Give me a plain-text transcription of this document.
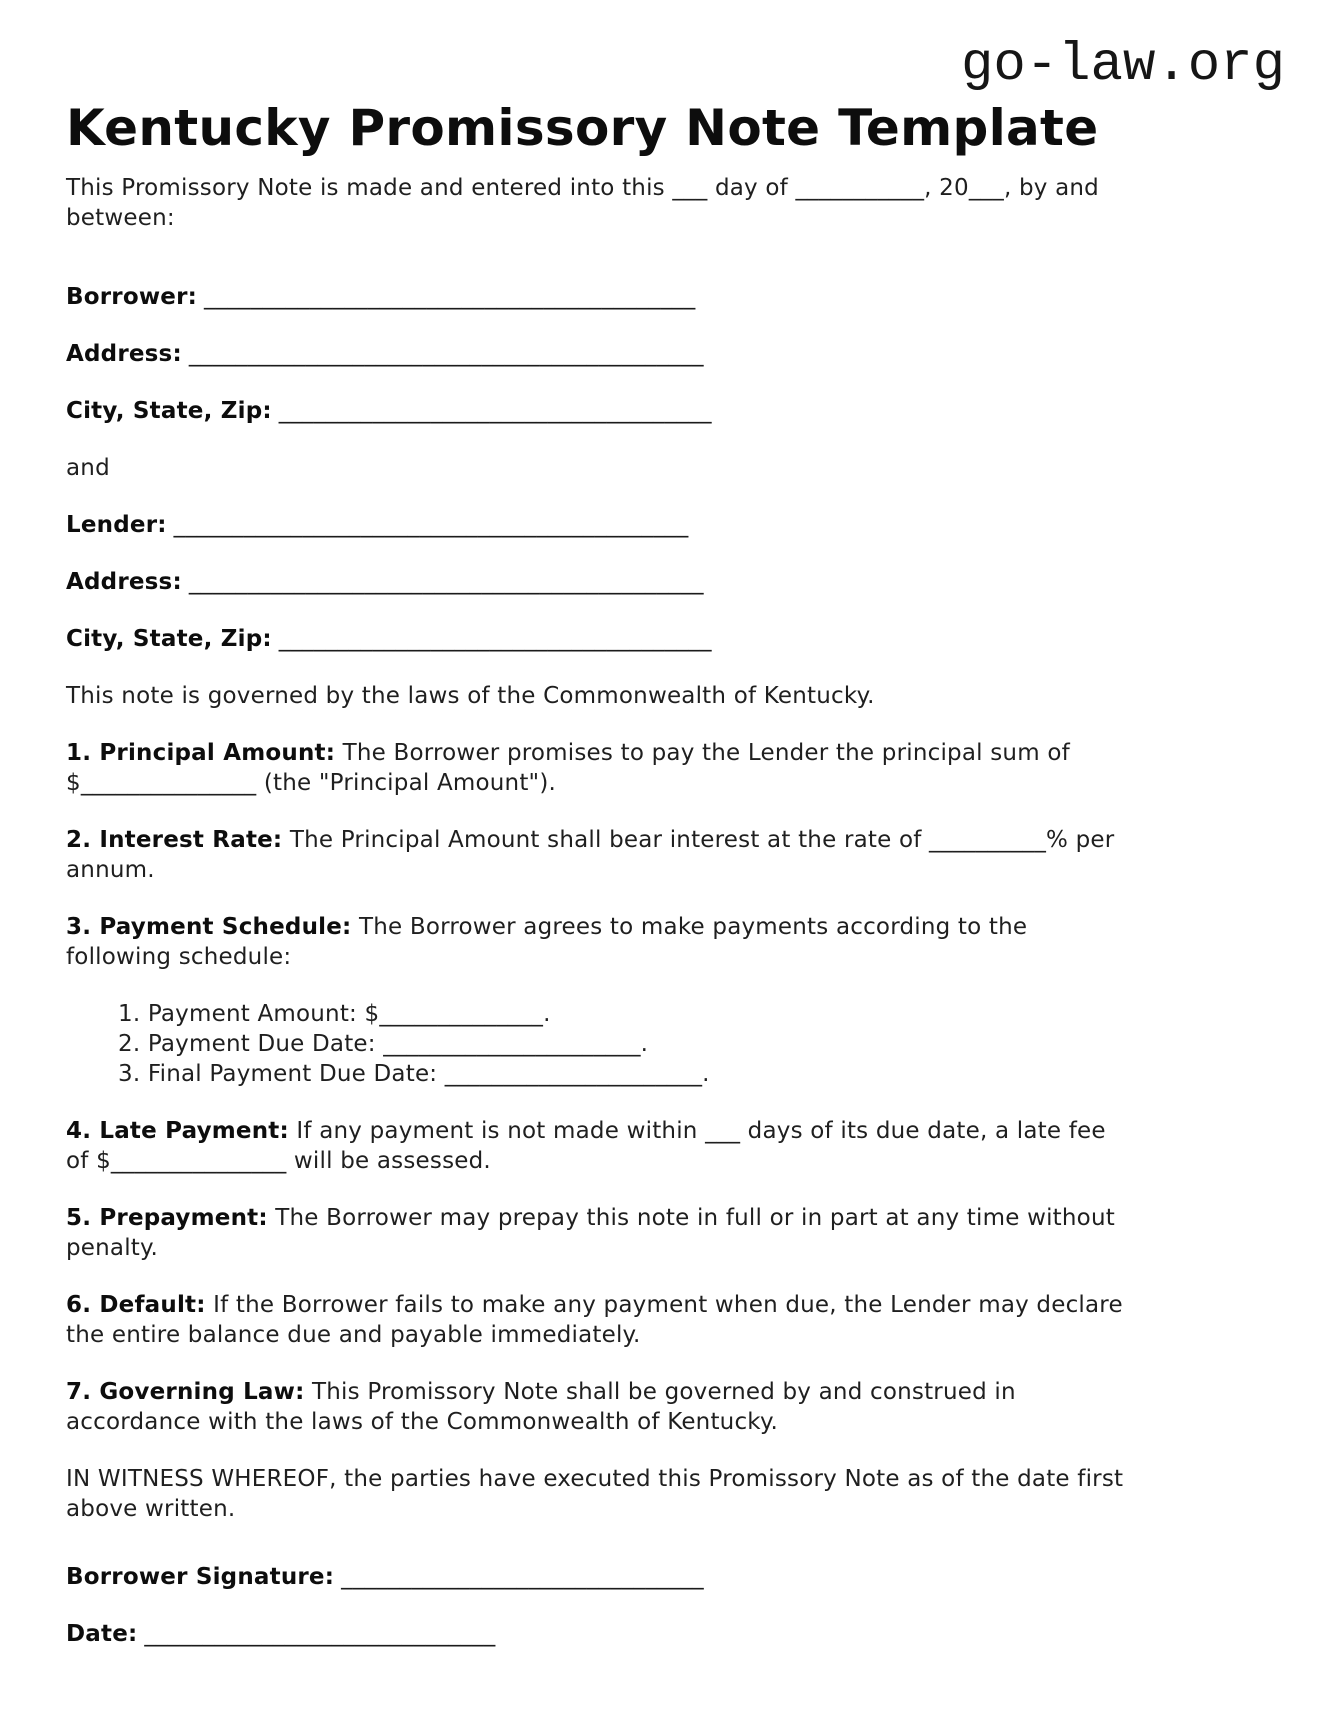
go-law.org
Kentucky Promissory Note Template

This Promissory Note is made and entered into this ___ day of ___________, 20___, by and
between:

Borrower: __________________________________________

Address: ____________________________________________

City, State, Zip: _____________________________________

and

Lender: ____________________________________________

Address: ____________________________________________

City, State, Zip: _____________________________________

This note is governed by the laws of the Commonwealth of Kentucky.

1. Principal Amount: The Borrower promises to pay the Lender the principal sum of
$_______________ (the "Principal Amount").

2. Interest Rate: The Principal Amount shall bear interest at the rate of __________% per
annum.

3. Payment Schedule: The Borrower agrees to make payments according to the
following schedule:

1. Payment Amount: $______________.
2. Payment Due Date: ______________________.
3. Final Payment Due Date: ______________________.

4. Late Payment: If any payment is not made within ___ days of its due date, a late fee
of $_______________ will be assessed.

5. Prepayment: The Borrower may prepay this note in full or in part at any time without
penalty.

6. Default: If the Borrower fails to make any payment when due, the Lender may declare
the entire balance due and payable immediately.

7. Governing Law: This Promissory Note shall be governed by and construed in
accordance with the laws of the Commonwealth of Kentucky.

IN WITNESS WHEREOF, the parties have executed this Promissory Note as of the date first
above written.

Borrower Signature: _______________________________

Date: ______________________________
